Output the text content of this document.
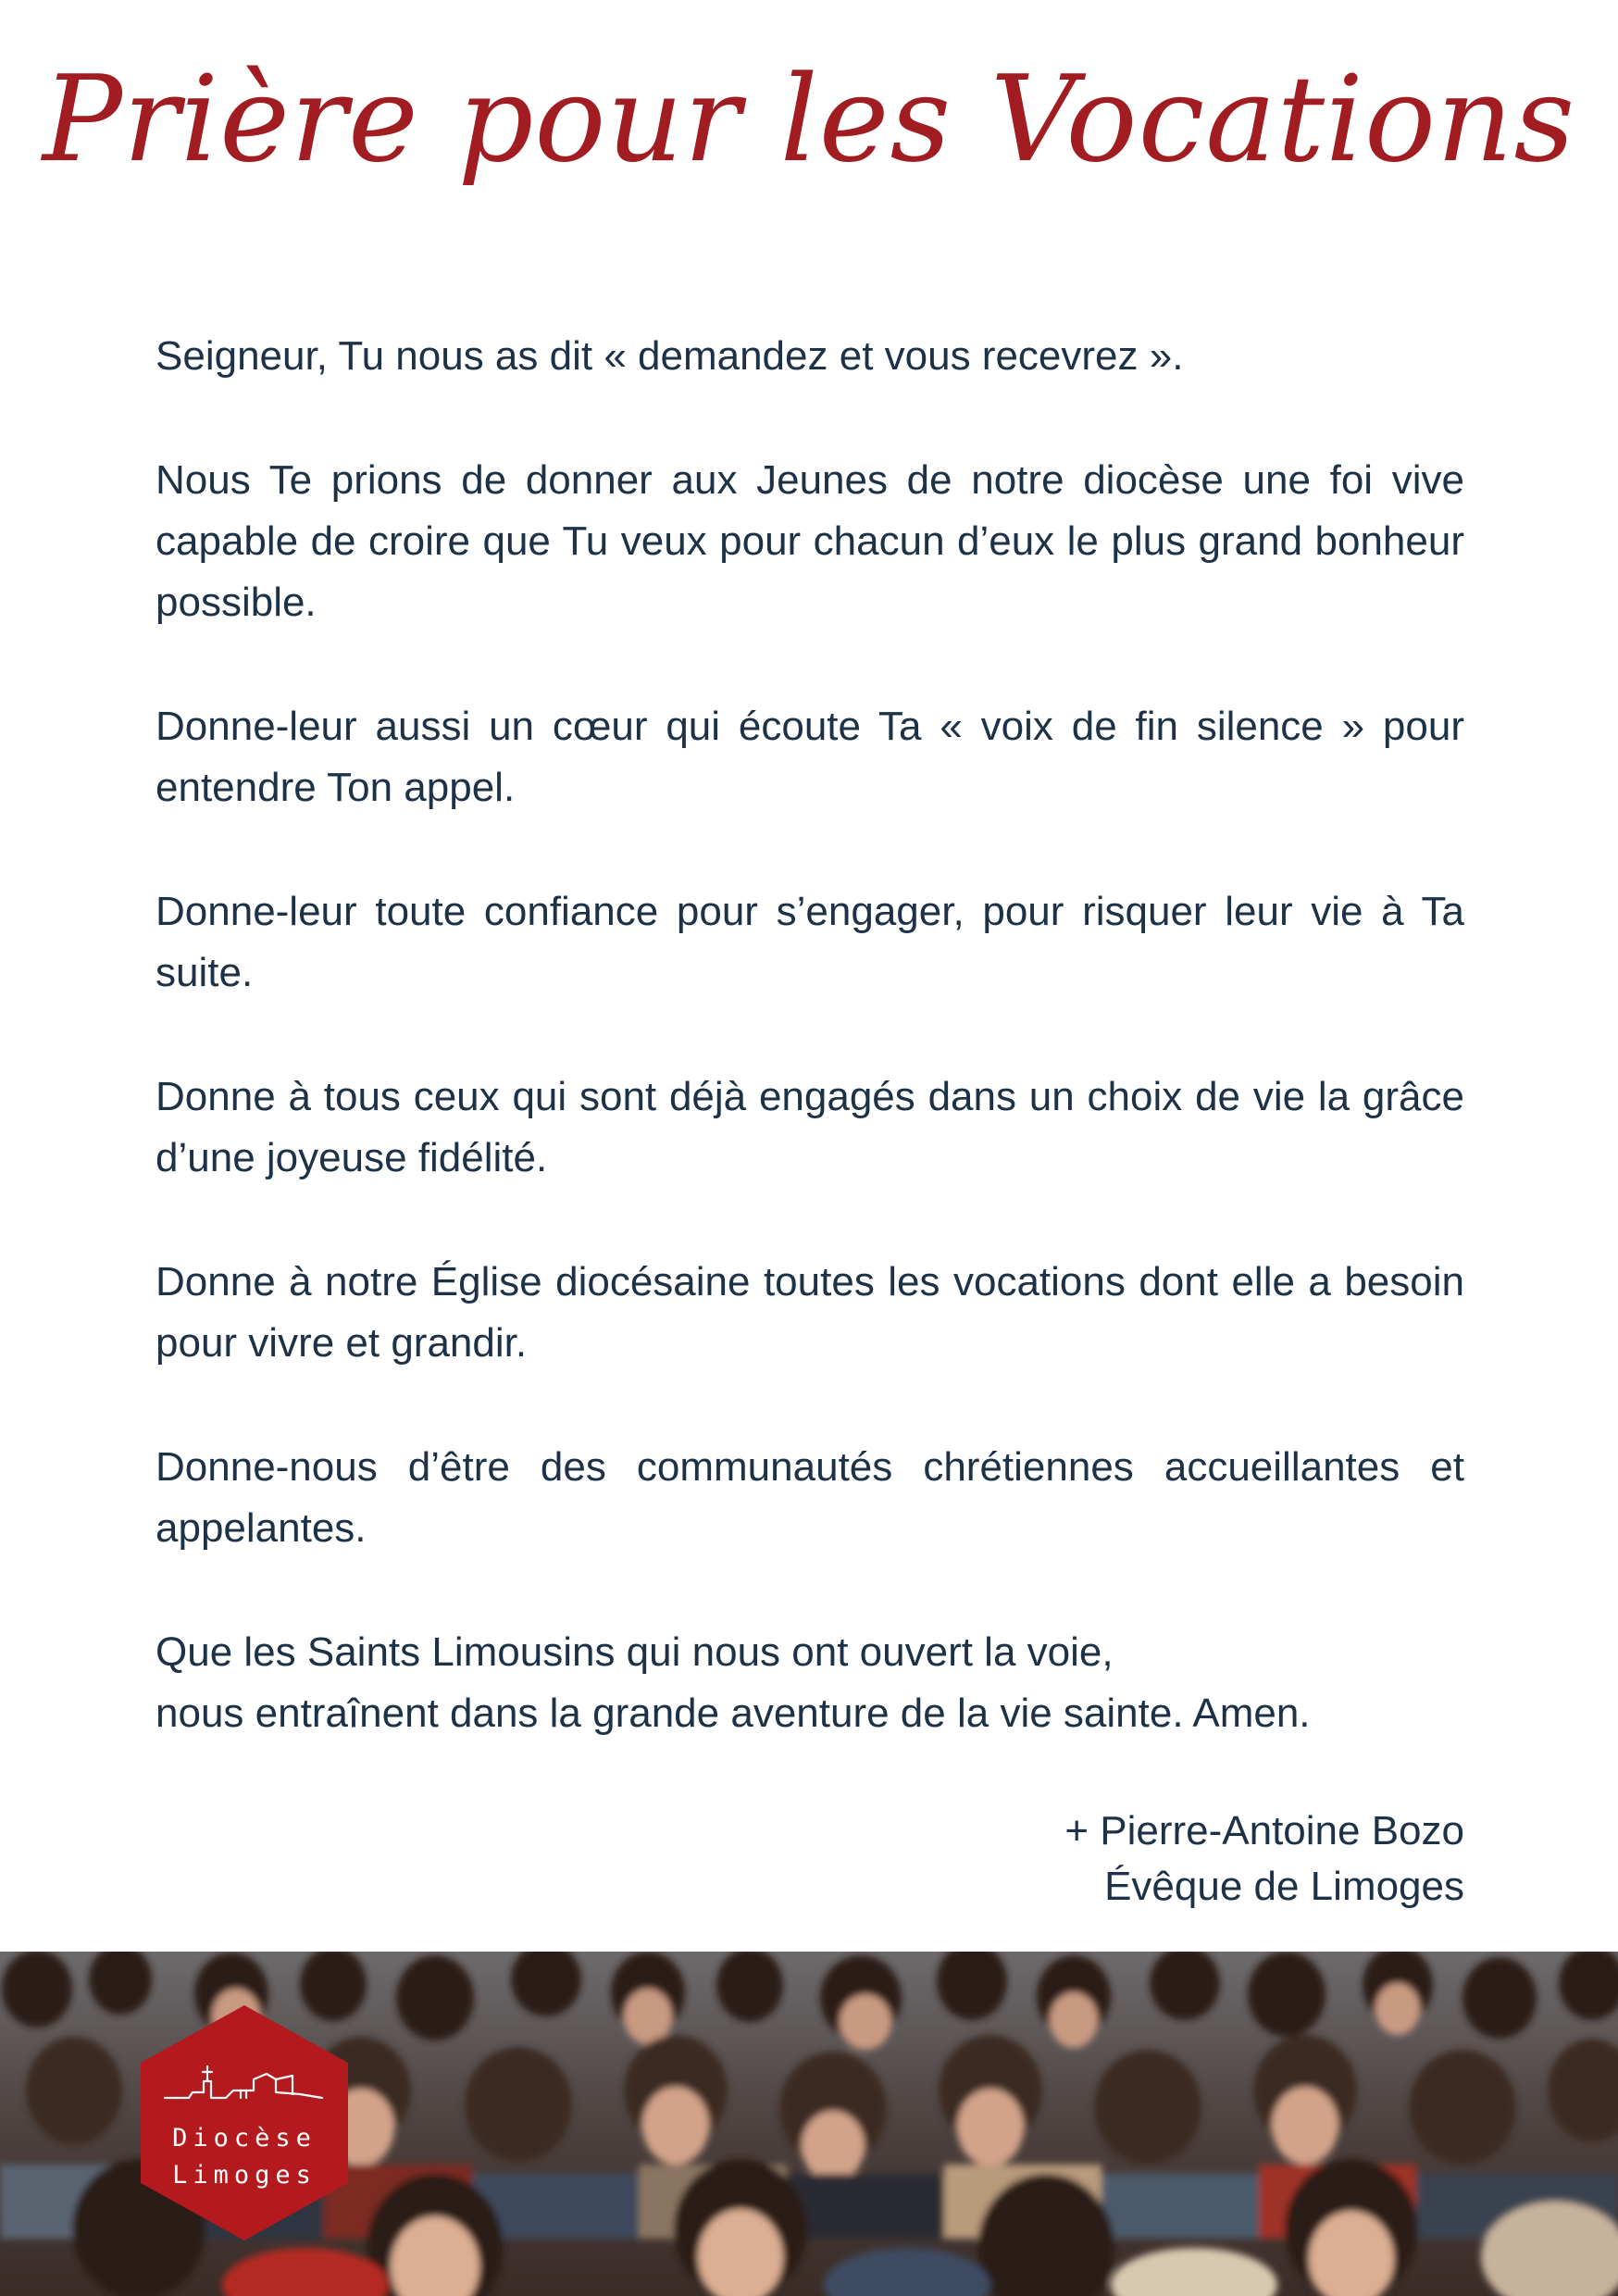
Prière pour les Vocations

Seigneur, Tu nous as dit « demandez et vous recevrez ».

Nous Te prions de donner aux Jeunes de notre diocèse une foi vive capable de croire que Tu veux pour chacun d’eux le plus grand bonheur possible.

Donne-leur aussi un cœur qui écoute Ta « voix de fin silence » pour entendre Ton appel.

Donne-leur toute confiance pour s’engager, pour risquer leur vie à Ta suite.

Donne à tous ceux qui sont déjà engagés dans un choix de vie la grâce d’une joyeuse fidélité.

Donne à notre Église diocésaine toutes les vocations dont elle a besoin pour vivre et grandir.

Donne-nous d’être des communautés chrétiennes accueillantes et appelantes.

Que les Saints Limousins qui nous ont ouvert la voie,
nous entraînent dans la grande aventure de la vie sainte. Amen.

+ Pierre-Antoine Bozo
Évêque de Limoges
Diocèse
Limoges
